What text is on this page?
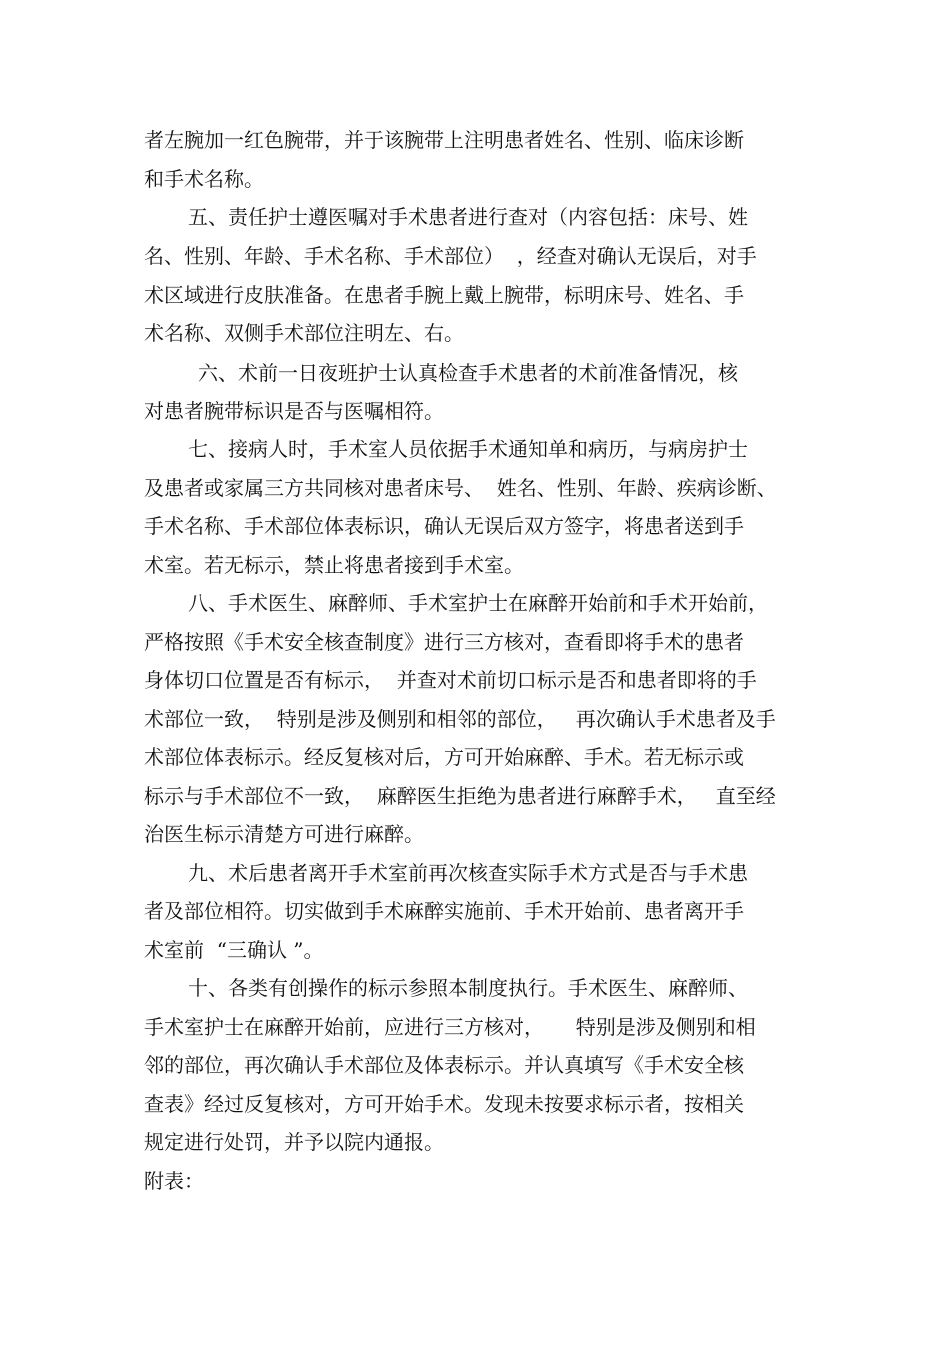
者左腕加一红色腕带，并于该腕带上注明患者姓名、性别、临床诊断
和手术名称。
五、责任护士遵医嘱对手术患者进行查对（内容包括：床号、姓
名、性别、年龄、手术名称、手术部位）  ，经查对确认无误后，对手
术区域进行皮肤准备。在患者手腕上戴上腕带，标明床号、姓名、手
术名称、双侧手术部位注明左、右。
六、术前一日夜班护士认真检查手术患者的术前准备情况，核
对患者腕带标识是否与医嘱相符。
七、接病人时，手术室人员依据手术通知单和病历，与病房护士
及患者或家属三方共同核对患者床号、  姓名、性别、年龄、疾病诊断、
手术名称、手术部位体表标识，确认无误后双方签字，将患者送到手
术室。若无标示，禁止将患者接到手术室。
八、手术医生、麻醉师、手术室护士在麻醉开始前和手术开始前，
严格按照《手术安全核查制度》进行三方核对，查看即将手术的患者
身体切口位置是否有标示，  并查对术前切口标示是否和患者即将的手
术部位一致，  特别是涉及侧别和相邻的部位，   再次确认手术患者及手
术部位体表标示。经反复核对后，方可开始麻醉、手术。若无标示或
标示与手术部位不一致，  麻醉医生拒绝为患者进行麻醉手术，   直至经
治医生标示清楚方可进行麻醉。
九、术后患者离开手术室前再次核查实际手术方式是否与手术患
者及部位相符。切实做到手术麻醉实施前、手术开始前、患者离开手
术室前  “三确认 ”。
十、各类有创操作的标示参照本制度执行。手术医生、麻醉师、
手术室护士在麻醉开始前，应进行三方核对，     特别是涉及侧别和相
邻的部位，再次确认手术部位及体表标示。并认真填写《手术安全核
查表》经过反复核对，方可开始手术。发现未按要求标示者，按相关
规定进行处罚，并予以院内通报。
附表：
